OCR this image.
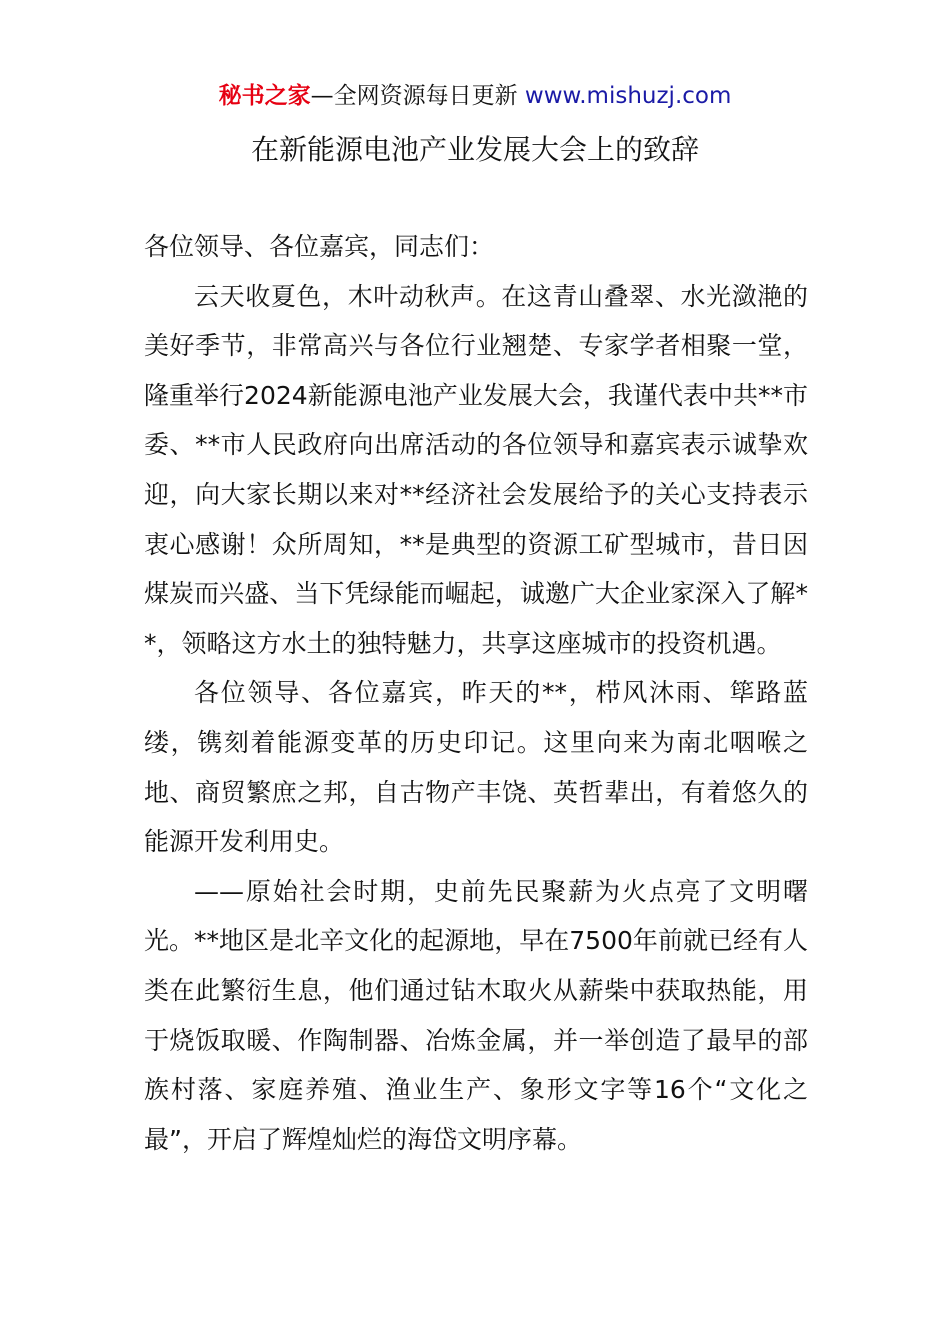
秘书之家—全网资源每日更新 www.mishuzj.com
在新能源电池产业发展大会上的致辞

各位领导、各位嘉宾，同志们：

云天收夏色，木叶动秋声。在这青山叠翠、水光潋滟的美好季节，非常高兴与各位行业翘楚、专家学者相聚一堂，隆重举行2024新能源电池产业发展大会，我谨代表中共**市委、**市人民政府向出席活动的各位领导和嘉宾表示诚挚欢迎，向大家长期以来对**经济社会发展给予的关心支持表示衷心感谢！众所周知，**是典型的资源工矿型城市，昔日因煤炭而兴盛、当下凭绿能而崛起，诚邀广大企业家深入了解**，领略这方水土的独特魅力，共享这座城市的投资机遇。

各位领导、各位嘉宾，昨天的**，栉风沐雨、筚路蓝缕，镌刻着能源变革的历史印记。这里向来为南北咽喉之地、商贸繁庶之邦，自古物产丰饶、英哲辈出，有着悠久的能源开发利用史。

——原始社会时期，史前先民聚薪为火点亮了文明曙光。**地区是北辛文化的起源地，早在7500年前就已经有人类在此繁衍生息，他们通过钻木取火从薪柴中获取热能，用于烧饭取暖、作陶制器、冶炼金属，并一举创造了最早的部族村落、家庭养殖、渔业生产、象形文字等16个“文化之最”，开启了辉煌灿烂的海岱文明序幕。
